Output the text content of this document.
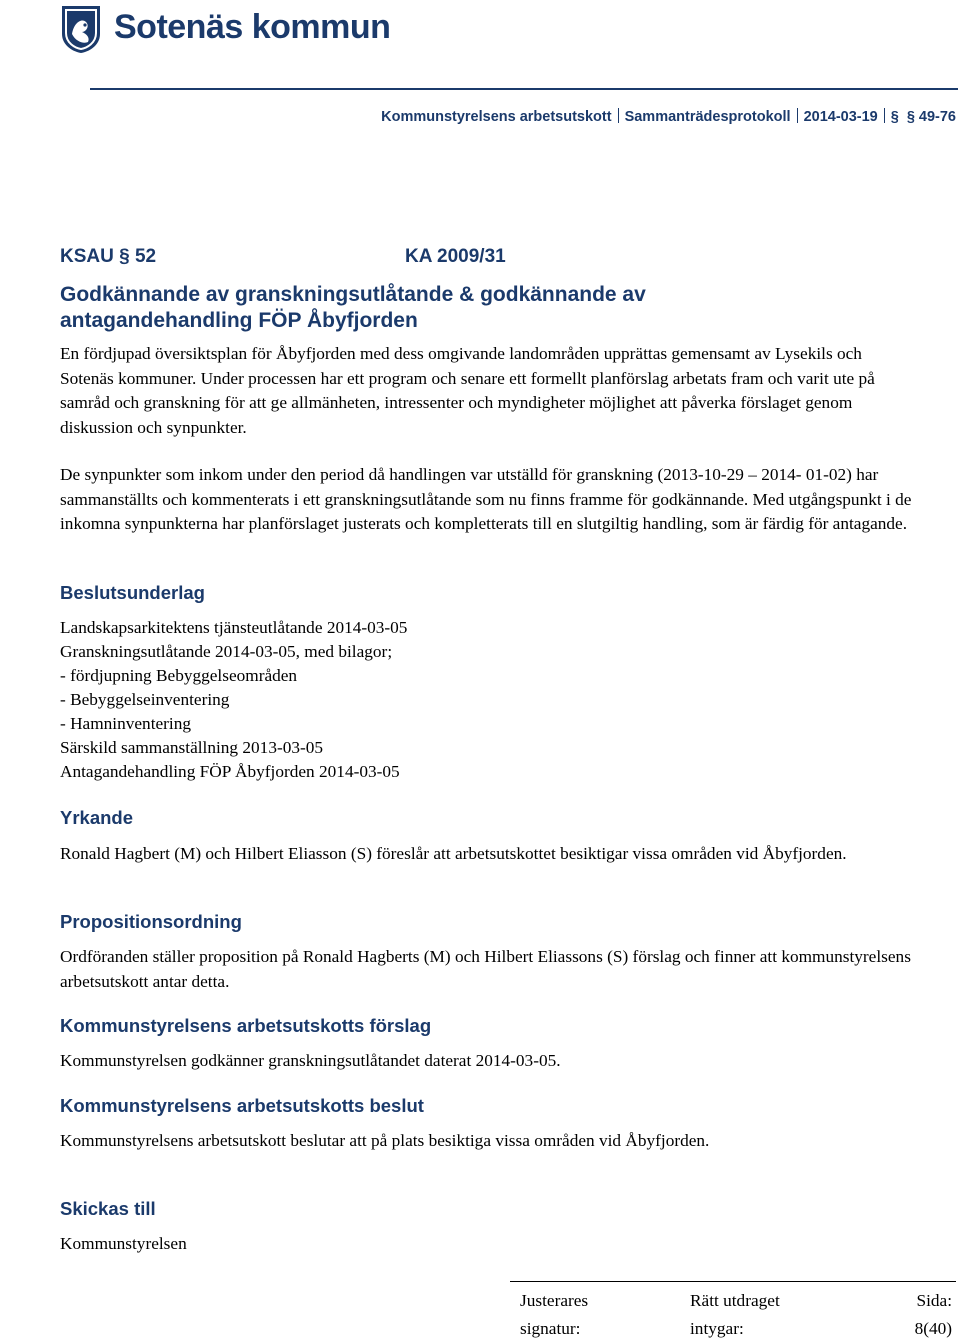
Sotenäs kommun
Kommunstyrelsens arbetsutskott Sammanträdesprotokoll 2014-03-19 § § 49-76
KSAU § 52	KA 2009/31
Godkännande av granskningsutlåtande & godkännande av
antagandehandling FÖP Åbyfjorden
En fördjupad översiktsplan för Åbyfjorden med dess omgivande landområden upprättas gemensamt av Lysekils och Sotenäs kommuner. Under processen har ett program och senare ett formellt planförslag arbetats fram och varit ute på samråd och granskning för att ge allmänheten, intressenter och myndigheter möjlighet att påverka förslaget genom diskussion och synpunkter.
De synpunkter som inkom under den period då handlingen var utställd för granskning (2013-10-29 – 2014- 01-02) har sammanställts och kommenterats i ett granskningsutlåtande som nu finns framme för godkännande. Med utgångspunkt i de inkomna synpunkterna har planförslaget justerats och kompletterats till en slutgiltig handling, som är färdig för antagande.
Beslutsunderlag
Landskapsarkitektens tjänsteutlåtande 2014-03-05
Granskningsutlåtande 2014-03-05, med bilagor;
- fördjupning Bebyggelseområden
- Bebyggelseinventering
- Hamninventering
Särskild sammanställning 2013-03-05
Antagandehandling FÖP Åbyfjorden 2014-03-05
Yrkande
Ronald Hagbert (M) och Hilbert Eliasson (S) föreslår att arbetsutskottet besiktigar vissa områden vid Åbyfjorden.
Propositionsordning
Ordföranden ställer proposition på Ronald Hagberts (M) och Hilbert Eliassons (S) förslag och finner att kommunstyrelsens arbetsutskott antar detta.
Kommunstyrelsens arbetsutskotts förslag
Kommunstyrelsen godkänner granskningsutlåtandet daterat 2014-03-05.
Kommunstyrelsens arbetsutskotts beslut
Kommunstyrelsens arbetsutskott beslutar att på plats besiktiga vissa områden vid Åbyfjorden.
Skickas till
Kommunstyrelsen
Justerares
signatur:
Rätt utdraget
intygar:
Sida:
8(40)
